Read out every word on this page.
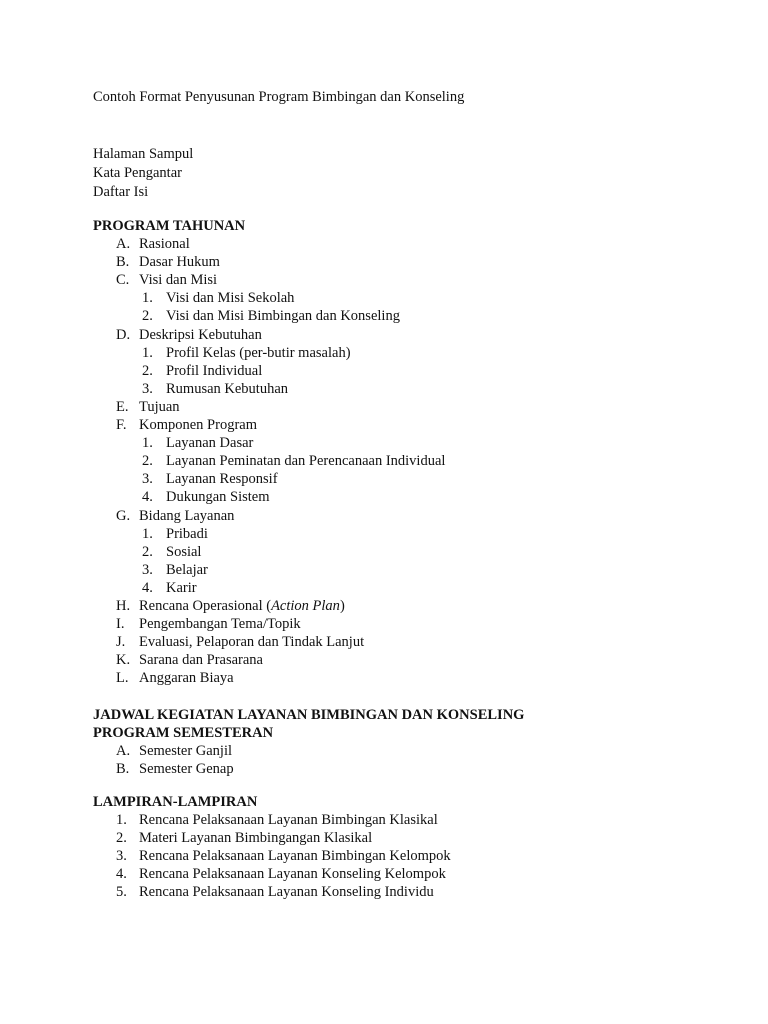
Contoh Format Penyusunan Program Bimbingan dan Konseling
Halaman Sampul
Kata Pengantar
Daftar Isi
PROGRAM TAHUNAN
A. Rasional
B. Dasar Hukum
C. Visi dan Misi
1. Visi dan Misi Sekolah
2. Visi dan Misi Bimbingan dan Konseling
D. Deskripsi Kebutuhan
1. Profil Kelas (per-butir masalah)
2. Profil Individual
3. Rumusan Kebutuhan
E. Tujuan
F. Komponen Program
1. Layanan Dasar
2. Layanan Peminatan dan Perencanaan Individual
3. Layanan Responsif
4. Dukungan Sistem
G. Bidang Layanan
1. Pribadi
2. Sosial
3. Belajar
4. Karir
H. Rencana Operasional (Action Plan)
I. Pengembangan Tema/Topik
J. Evaluasi, Pelaporan dan Tindak Lanjut
K. Sarana dan Prasarana
L. Anggaran Biaya
JADWAL KEGIATAN LAYANAN BIMBINGAN DAN KONSELING
PROGRAM SEMESTERAN
A. Semester Ganjil
B. Semester Genap
LAMPIRAN-LAMPIRAN
1. Rencana Pelaksanaan Layanan Bimbingan Klasikal
2. Materi Layanan Bimbingangan Klasikal
3. Rencana Pelaksanaan Layanan Bimbingan Kelompok
4. Rencana Pelaksanaan Layanan Konseling Kelompok
5. Rencana Pelaksanaan Layanan Konseling Individu
